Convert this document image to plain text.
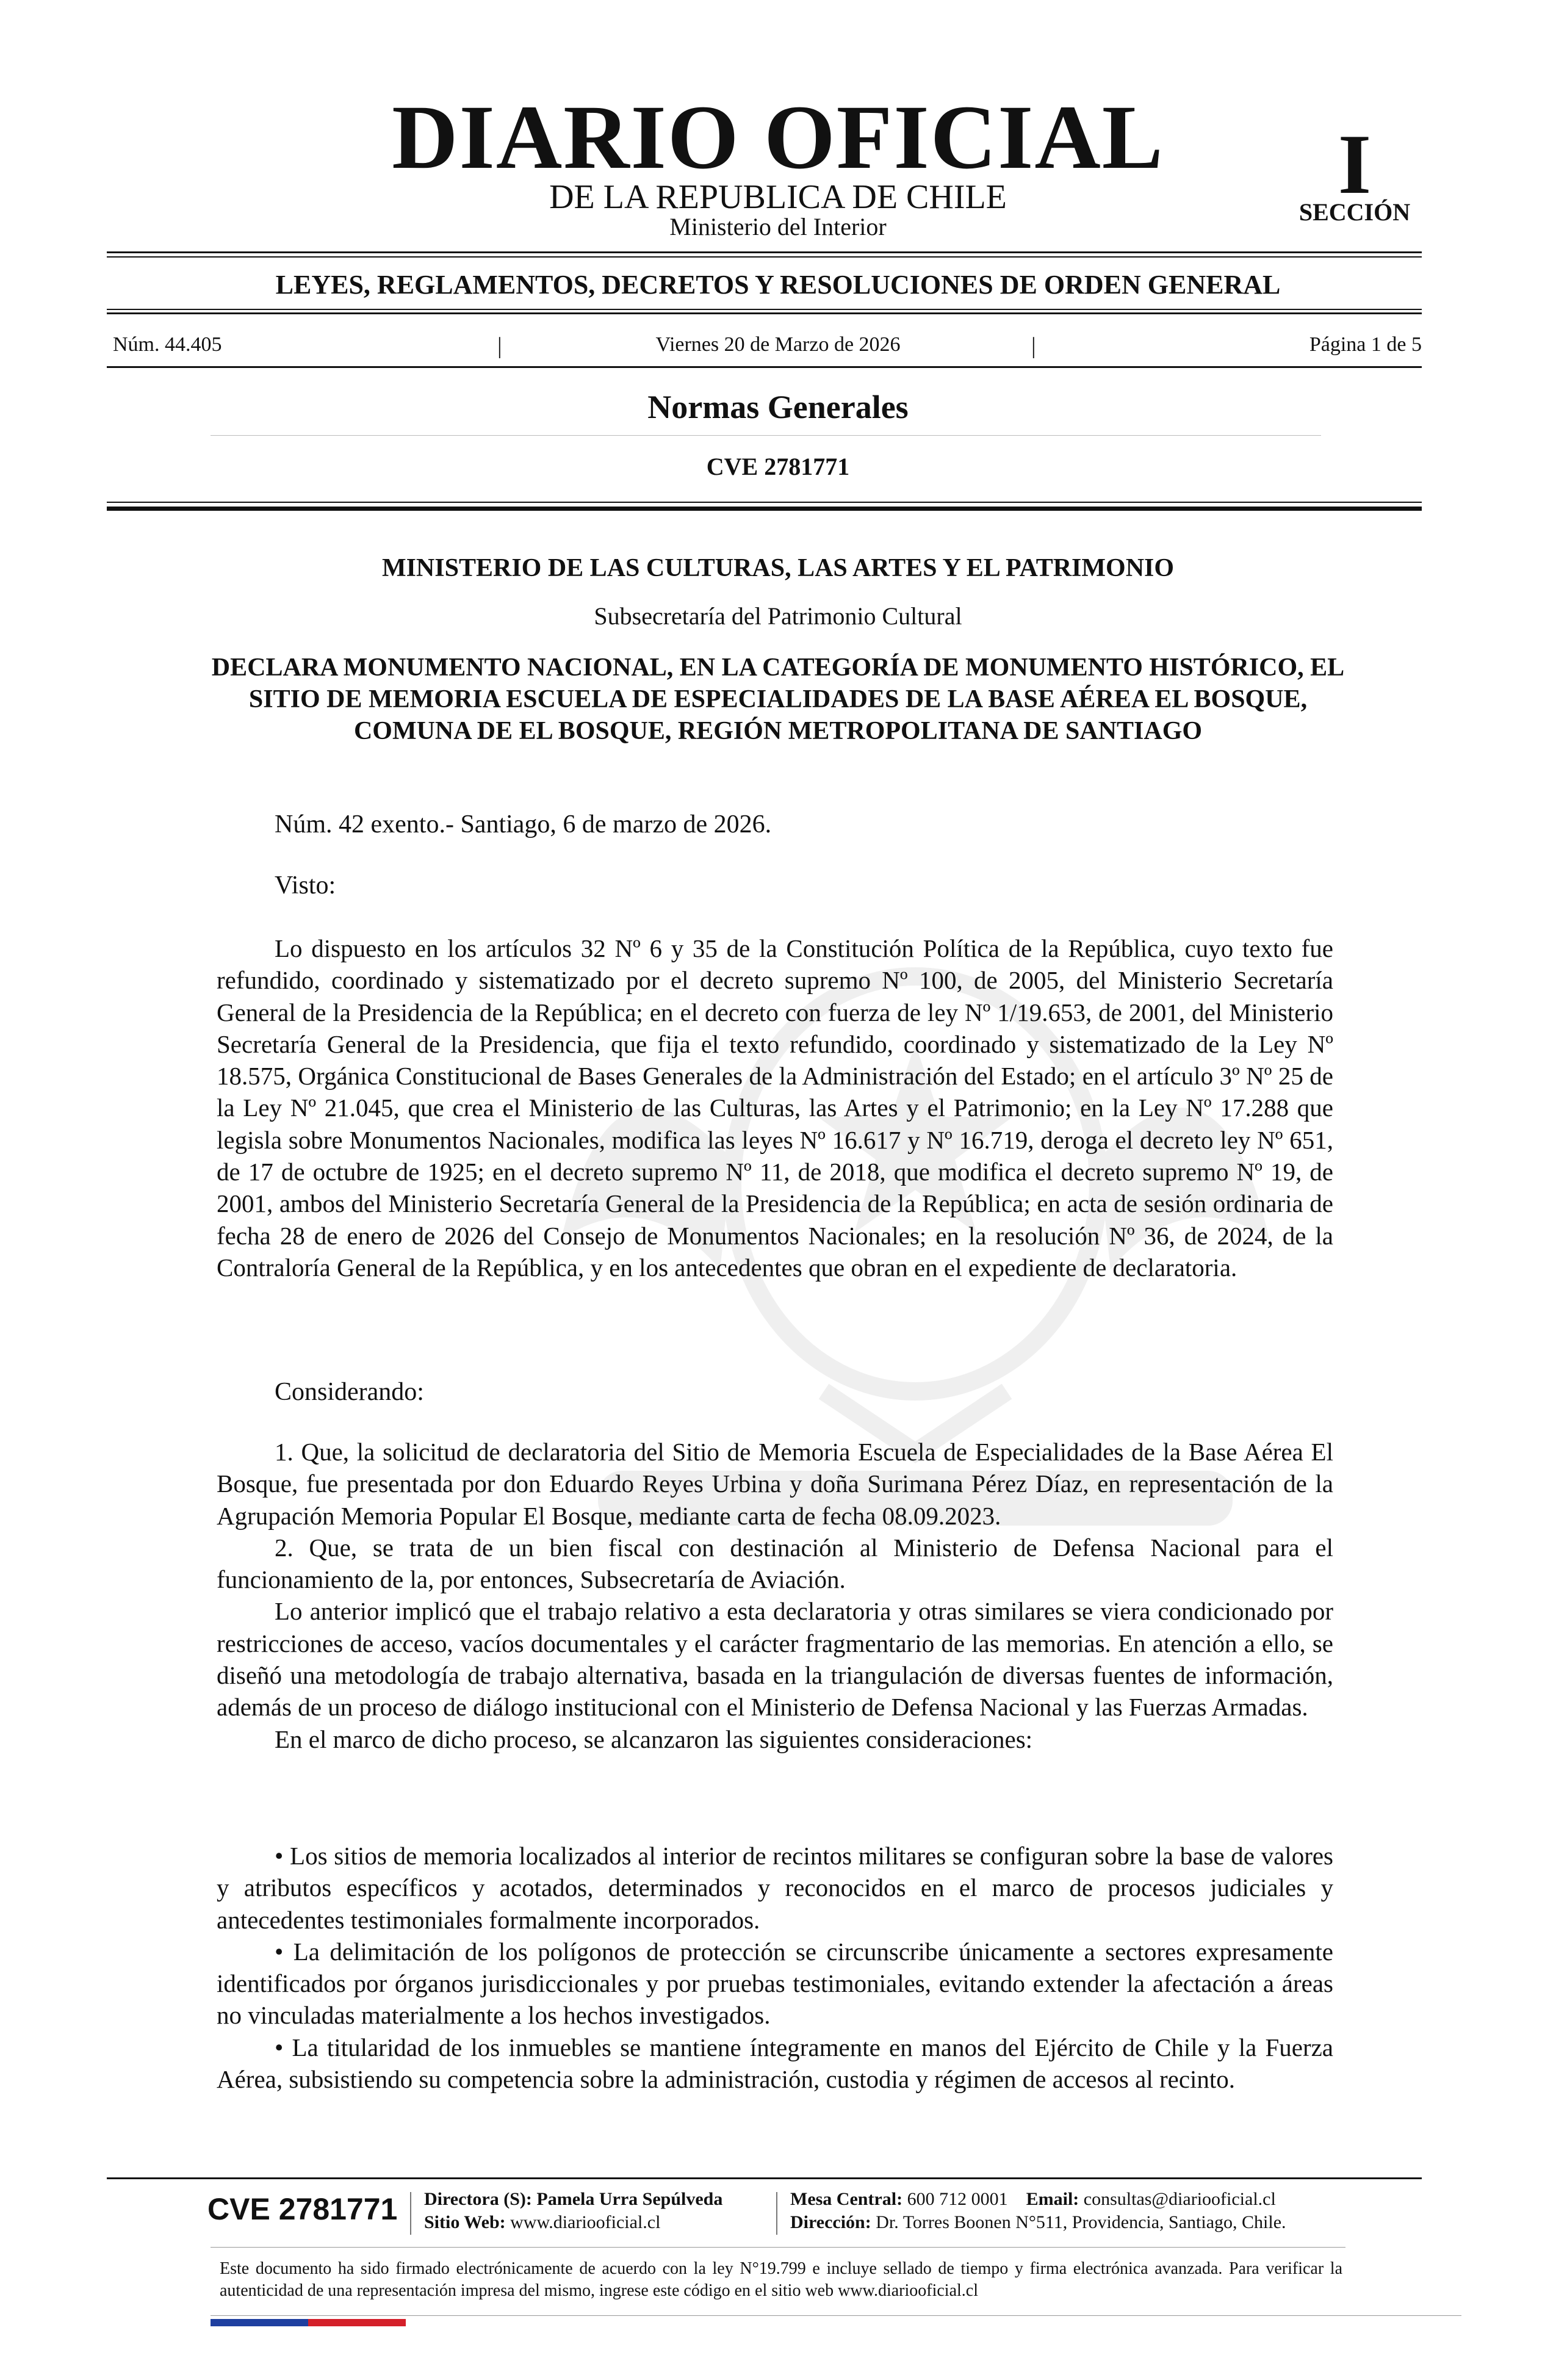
DIARIO OFICIAL
DE LA REPUBLICA DE CHILE
Ministerio del Interior
I
SECCIÓN
LEYES, REGLAMENTOS, DECRETOS Y RESOLUCIONES DE ORDEN GENERAL
Núm. 44.405	|	Viernes 20 de Marzo de 2026	|	Página 1 de 5
Normas Generales
CVE 2781771
MINISTERIO DE LAS CULTURAS, LAS ARTES Y EL PATRIMONIO
Subsecretaría del Patrimonio Cultural
DECLARA MONUMENTO NACIONAL, EN LA CATEGORÍA DE MONUMENTO HISTÓRICO, EL SITIO DE MEMORIA ESCUELA DE ESPECIALIDADES DE LA BASE AÉREA EL BOSQUE, COMUNA DE EL BOSQUE, REGIÓN METROPOLITANA DE SANTIAGO
Núm. 42 exento.- Santiago, 6 de marzo de 2026.
Visto:

Lo dispuesto en los artículos 32 Nº 6 y 35 de la Constitución Política de la República, cuyo texto fue refundido, coordinado y sistematizado por el decreto supremo Nº 100, de 2005, del Ministerio Secretaría General de la Presidencia de la República; en el decreto con fuerza de ley Nº 1/19.653, de 2001, del Ministerio Secretaría General de la Presidencia, que fija el texto refundido, coordinado y sistematizado de la Ley Nº 18.575, Orgánica Constitucional de Bases Generales de la Administración del Estado; en el artículo 3º Nº 25 de la Ley Nº 21.045, que crea el Ministerio de las Culturas, las Artes y el Patrimonio; en la Ley Nº 17.288 que legisla sobre Monumentos Nacionales, modifica las leyes Nº 16.617 y Nº 16.719, deroga el decreto ley Nº 651, de 17 de octubre de 1925; en el decreto supremo Nº 11, de 2018, que modifica el decreto supremo Nº 19, de 2001, ambos del Ministerio Secretaría General de la Presidencia de la República; en acta de sesión ordinaria de fecha 28 de enero de 2026 del Consejo de Monumentos Nacionales; en la resolución Nº 36, de 2024, de la Contraloría General de la República, y en los antecedentes que obran en el expediente de declaratoria.

Considerando:

1. Que, la solicitud de declaratoria del Sitio de Memoria Escuela de Especialidades de la Base Aérea El Bosque, fue presentada por don Eduardo Reyes Urbina y doña Surimana Pérez Díaz, en representación de la Agrupación Memoria Popular El Bosque, mediante carta de fecha 08.09.2023.

2. Que, se trata de un bien fiscal con destinación al Ministerio de Defensa Nacional para el funcionamiento de la, por entonces, Subsecretaría de Aviación.

Lo anterior implicó que el trabajo relativo a esta declaratoria y otras similares se viera condicionado por restricciones de acceso, vacíos documentales y el carácter fragmentario de las memorias. En atención a ello, se diseñó una metodología de trabajo alternativa, basada en la triangulación de diversas fuentes de información, además de un proceso de diálogo institucional con el Ministerio de Defensa Nacional y las Fuerzas Armadas.

En el marco de dicho proceso, se alcanzaron las siguientes consideraciones:

• Los sitios de memoria localizados al interior de recintos militares se configuran sobre la base de valores y atributos específicos y acotados, determinados y reconocidos en el marco de procesos judiciales y antecedentes testimoniales formalmente incorporados.

• La delimitación de los polígonos de protección se circunscribe únicamente a sectores expresamente identificados por órganos jurisdiccionales y por pruebas testimoniales, evitando extender la afectación a áreas no vinculadas materialmente a los hechos investigados.

• La titularidad de los inmuebles se mantiene íntegramente en manos del Ejército de Chile y la Fuerza Aérea, subsistiendo su competencia sobre la administración, custodia y régimen de accesos al recinto.

CVE 2781771 Directora (S): Pamela Urra Sepúlveda
Sitio Web: www.diariooficial.cl
Mesa Central: 600 712 0001 Email: consultas@diariooficial.cl
Dirección: Dr. Torres Boonen N°511, Providencia, Santiago, Chile.
Este documento ha sido firmado electrónicamente de acuerdo con la ley N°19.799 e incluye sellado de tiempo y firma electrónica avanzada. Para verificar la autenticidad de una representación impresa del mismo, ingrese este código en el sitio web www.diariooficial.cl
